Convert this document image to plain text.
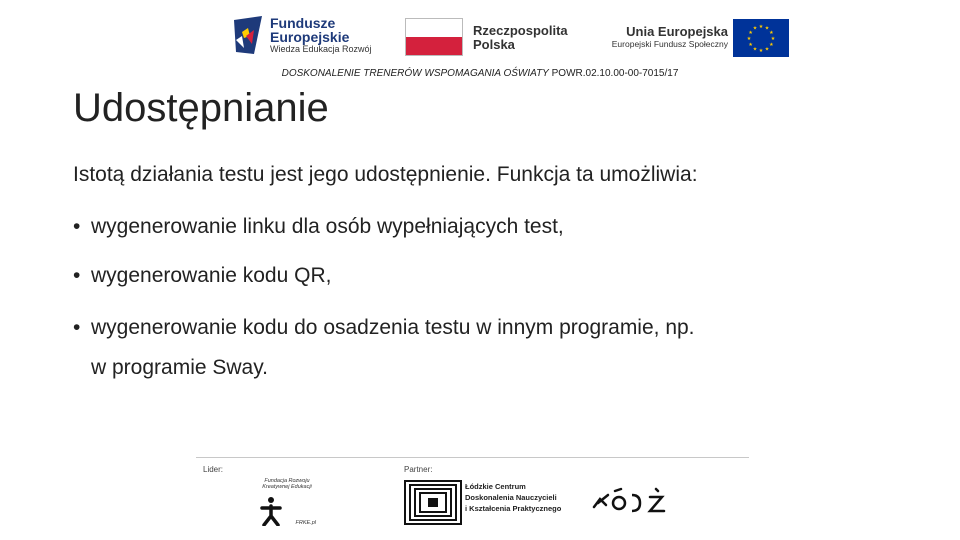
Fundusze
Europejskie
Wiedza Edukacja Rozwój
Rzeczpospolita
Polska
Unia Europejska
Europejski Fundusz Społeczny
★ ★
★
★
★
★
★
★
★
★
★
★
DOSKONALENIE TRENERÓW WSPOMAGANIA OŚWIATY POWR.02.10.00-00-7015/17
Udostępnianie
Istotą działania testu jest jego udostępnienie. Funkcja ta umożliwia:
• wygenerowanie linku dla osób wypełniających test,
• wygenerowanie kodu QR,
• wygenerowanie kodu do osadzenia testu w innym programie, np.
w programie Sway.
Lider:	Partner:
Fundacja Rozwoju
Kreatywnej Edukacji
FRKE.pl
Łódzkie Centrum
Doskonalenia Nauczycieli
i Kształcenia Praktycznego
